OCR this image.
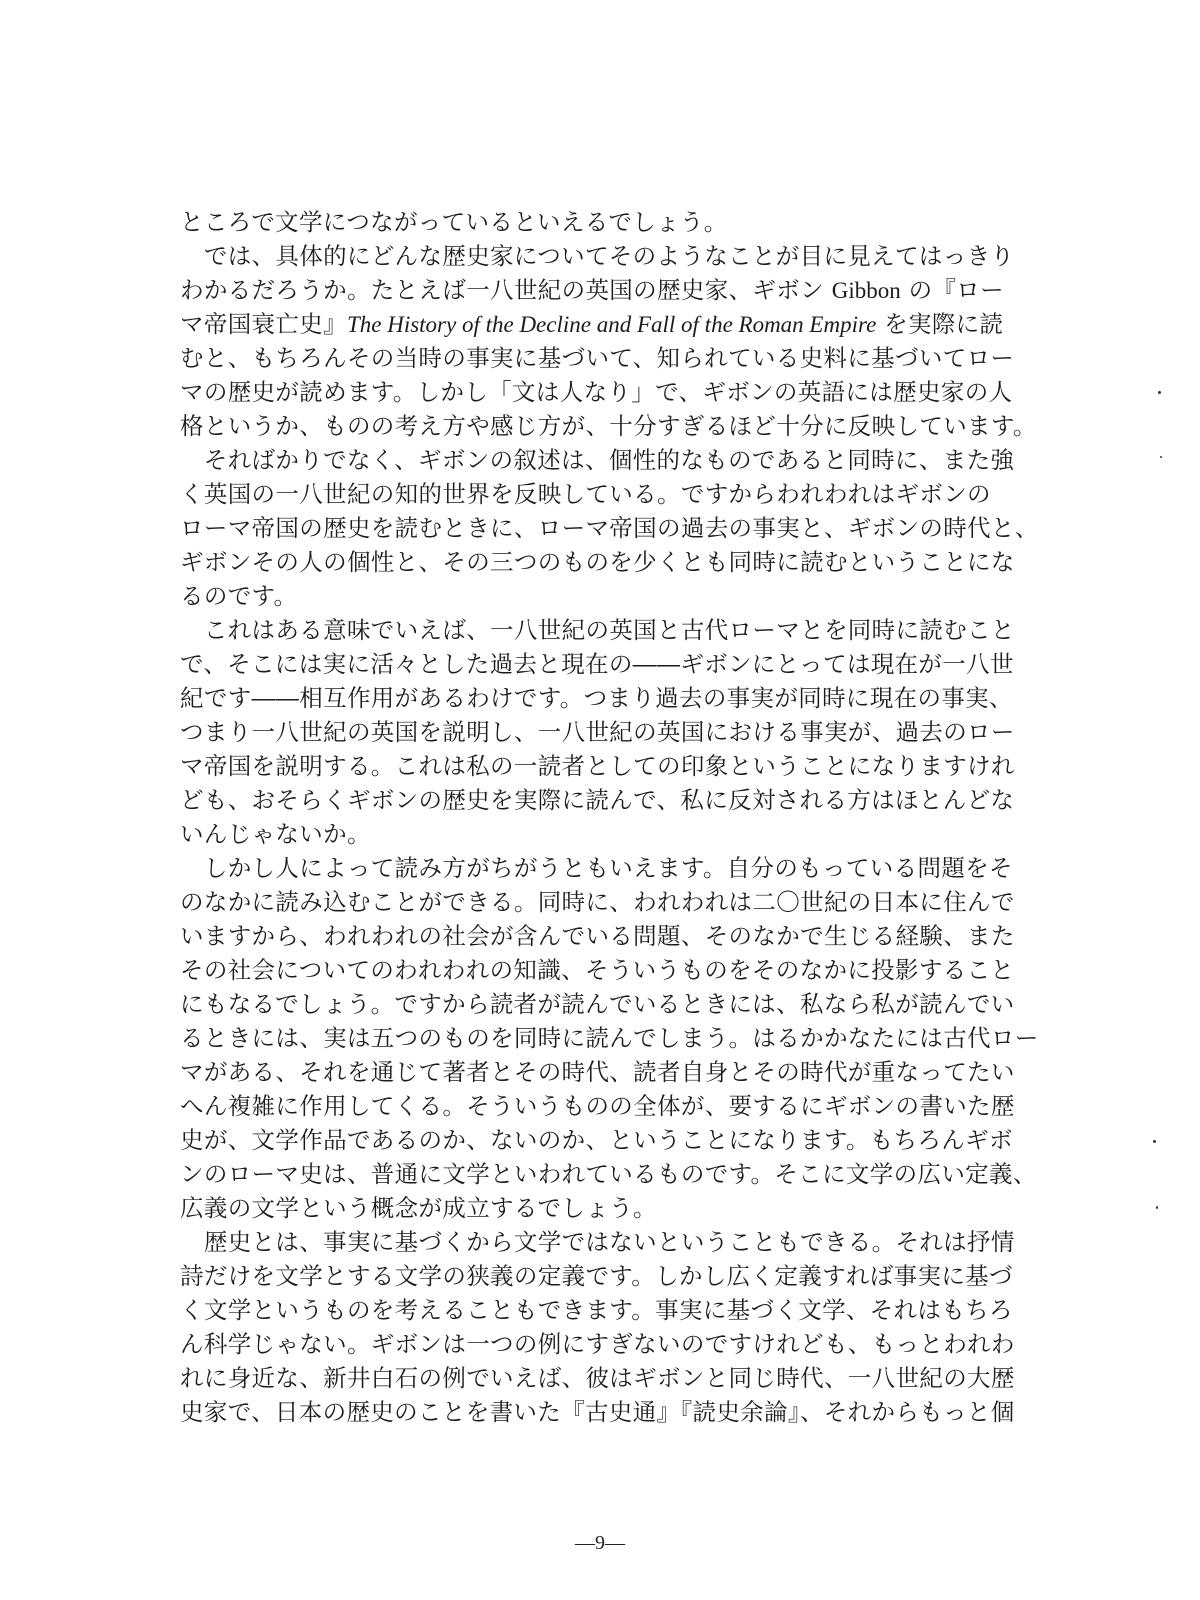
ところで文学につながっているといえるでしょう。
　では、具体的にどんな歴史家についてそのようなことが目に見えてはっきり
わかるだろうか。たとえば一八世紀の英国の歴史家、ギボン Gibbon の『ロー
マ帝国衰亡史』The History of the Decline and Fall of the Roman Empire を実際に読
むと、もちろんその当時の事実に基づいて、知られている史料に基づいてロー
マの歴史が読めます。しかし「文は人なり」で、ギボンの英語には歴史家の人
格というか、ものの考え方や感じ方が、十分すぎるほど十分に反映しています。
　そればかりでなく、ギボンの叙述は、個性的なものであると同時に、また強
く英国の一八世紀の知的世界を反映している。ですからわれわれはギボンの
ローマ帝国の歴史を読むときに、ローマ帝国の過去の事実と、ギボンの時代と、
ギボンその人の個性と、その三つのものを少くとも同時に読むということにな
るのです。
　これはある意味でいえば、一八世紀の英国と古代ローマとを同時に読むこと
で、そこには実に活々とした過去と現在の――ギボンにとっては現在が一八世
紀です――相互作用があるわけです。つまり過去の事実が同時に現在の事実、
つまり一八世紀の英国を説明し、一八世紀の英国における事実が、過去のロー
マ帝国を説明する。これは私の一読者としての印象ということになりますけれ
ども、おそらくギボンの歴史を実際に読んで、私に反対される方はほとんどな
いんじゃないか。
　しかし人によって読み方がちがうともいえます。自分のもっている問題をそ
のなかに読み込むことができる。同時に、われわれは二〇世紀の日本に住んで
いますから、われわれの社会が含んでいる問題、そのなかで生じる経験、また
その社会についてのわれわれの知識、そういうものをそのなかに投影すること
にもなるでしょう。ですから読者が読んでいるときには、私なら私が読んでい
るときには、実は五つのものを同時に読んでしまう。はるかかなたには古代ロー
マがある、それを通じて著者とその時代、読者自身とその時代が重なってたい
へん複雑に作用してくる。そういうものの全体が、要するにギボンの書いた歴
史が、文学作品であるのか、ないのか、ということになります。もちろんギボ
ンのローマ史は、普通に文学といわれているものです。そこに文学の広い定義、
広義の文学という概念が成立するでしょう。
　歴史とは、事実に基づくから文学ではないということもできる。それは抒情
詩だけを文学とする文学の狭義の定義です。しかし広く定義すれば事実に基づ
く文学というものを考えることもできます。事実に基づく文学、それはもちろ
ん科学じゃない。ギボンは一つの例にすぎないのですけれども、もっとわれわ
れに身近な、新井白石の例でいえば、彼はギボンと同じ時代、一八世紀の大歴
史家で、日本の歴史のことを書いた『古史通』『読史余論』、それからもっと個
—9—
